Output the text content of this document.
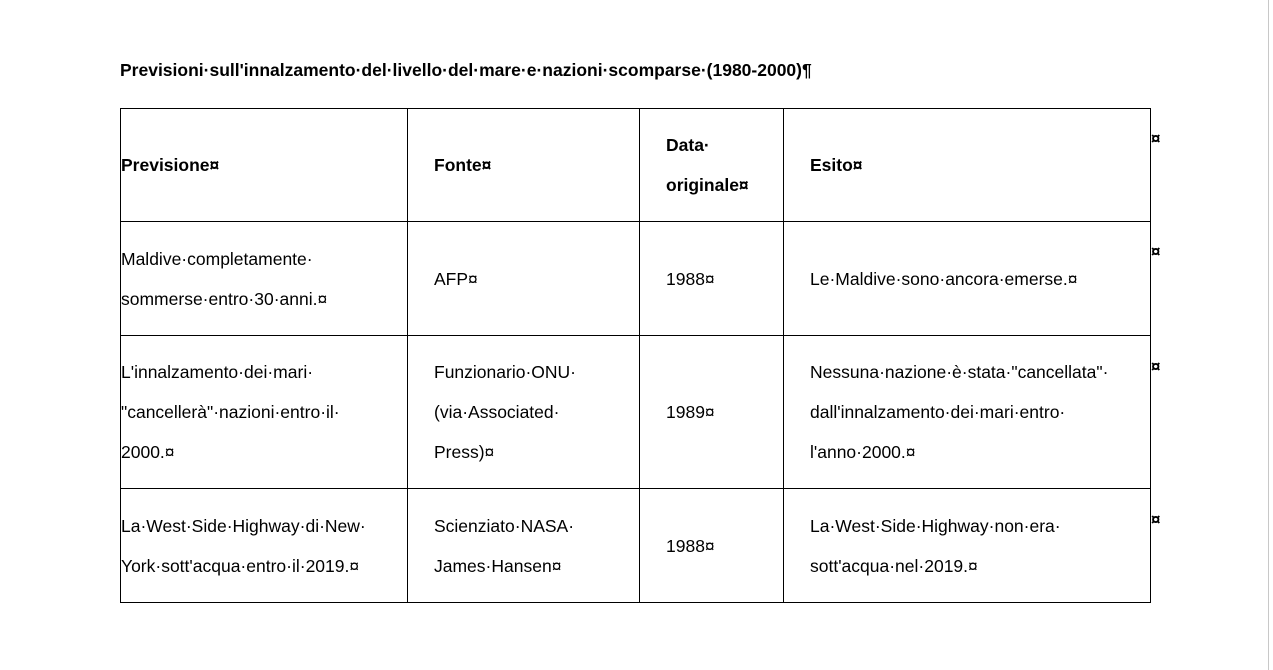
Previsioni·sull'innalzamento·del·livello·del·mare·e·nazioni·scomparse·(1980-2000)¶
Previsione¤	Fonte¤	Data·
originale¤	Esito¤

Maldive·completamente·
sommerse·entro·30·anni.¤	AFP¤	1988¤	Le·Maldive·sono·ancora·emerse.¤

L'innalzamento·dei·mari·
"cancellerà"·nazioni·entro·il·
2000.¤	Funzionario·ONU·
(via·Associated·
Press)¤	1989¤	Nessuna·nazione·è·stata·"cancellata"·
dall'innalzamento·dei·mari·entro·
l'anno·2000.¤

La·West·Side·Highway·di·New·
York·sott'acqua·entro·il·2019.¤	Scienziato·NASA·
James·Hansen¤	1988¤	La·West·Side·Highway·non·era·
sott'acqua·nel·2019.¤
¤
¤
¤
¤
